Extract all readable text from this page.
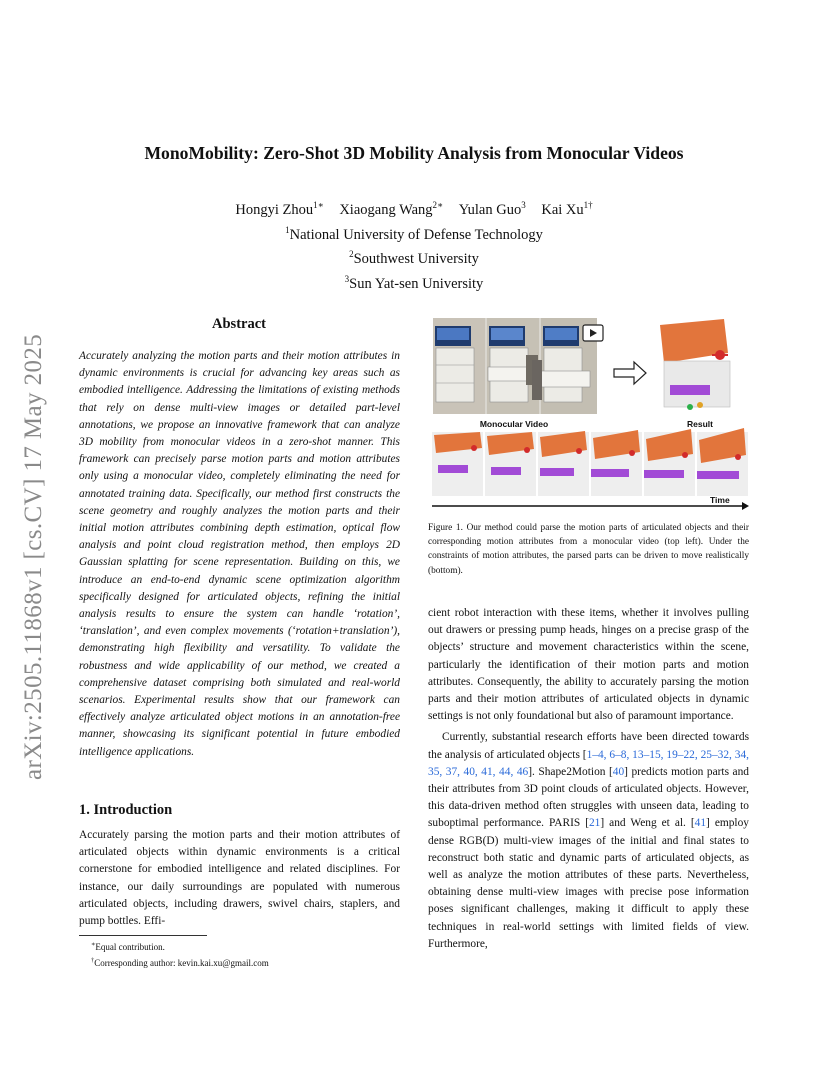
arXiv:2505.11868v1 [cs.CV] 17 May 2025
MonoMobility: Zero-Shot 3D Mobility Analysis from Monocular Videos
Hongyi Zhou$^{1∗}$ Xiaogang Wang$^{2∗}$ Yulan Guo$^3$ Kai $Xu^{1\dagger}$
$^1$National University of Defense Technology
$^2$Southwest University
$^3$Sun Yat-sen University
Abstract
Accurately analyzing the motion parts and their motion attributes in dynamic environments is crucial for advancing key areas such as embodied intelligence. Addressing the limitations of existing methods that rely on dense multi-view images or detailed part-level annotations, we propose an innovative framework that can analyze 3D mobility from monocular videos in a zero-shot manner. This framework can precisely parse motion parts and motion attributes only using a monocular video, completely eliminating the need for annotated training data. Specifically, our method first constructs the scene geometry and roughly analyzes the motion parts and their initial motion attributes combining depth estimation, optical flow analysis and point cloud registration method, then employs 2D Gaussian splatting for scene representation. Building on this, we introduce an end-to-end dynamic scene optimization algorithm specifically designed for articulated objects, refining the initial analysis results to ensure the system can handle ‘rotation’, ‘translation’, and even complex movements (‘rotation+translation’), demonstrating high flexibility and versatility. To validate the robustness and wide applicability of our method, we created a comprehensive dataset comprising both simulated and real-world scenarios. Experimental results show that our framework can effectively analyze articulated object motions in an annotation-free manner, showcasing its significant potential in future embodied intelligence applications.
1. Introduction
Accurately parsing the motion parts and their motion attributes of articulated objects within dynamic environments is a critical cornerstone for embodied intelligence and related disciplines. For instance, our daily surroundings are populated with numerous articulated objects, including drawers, swivel chairs, staplers, and pump bottles. Effi-
∗Equal contribution.
†Corresponding author: kevin.kai.xu@gmail.com
Monocular Video	Result
Time
Figure 1. Our method could parse the motion parts of articulated objects and their corresponding motion attributes from a monocular video (top left). Under the constraints of motion attributes, the parsed parts can be driven to move realistically (bottom).

cient robot interaction with these items, whether it involves pulling out drawers or pressing pump heads, hinges on a precise grasp of the objects’ structure and movement characteristics within the scene, particularly the identification of their motion parts and motion attributes. Consequently, the ability to accurately parsing the motion parts and their motion attributes of articulated objects in dynamic settings is not only foundational but also of paramount importance.

Currently, substantial research efforts have been directed towards the analysis of articulated objects [1–4, 6–8, 13–15, 19–22, 25–32, 34, 35, 37, 40, 41, 44, 46]. Shape2Motion [40] predicts motion parts and their attributes from 3D point clouds of articulated objects. However, this data-driven method often struggles with unseen data, leading to suboptimal performance. PARIS [21] and Weng et al. [41] employ dense RGB(D) multi-view images of the initial and final states to reconstruct both static and dynamic parts of articulated objects, as well as analyze the motion attributes of these parts. Nevertheless, obtaining dense multi-view images with precise pose information poses significant challenges, making it difficult to apply these techniques in real-world settings with limited fields of view. Furthermore,
